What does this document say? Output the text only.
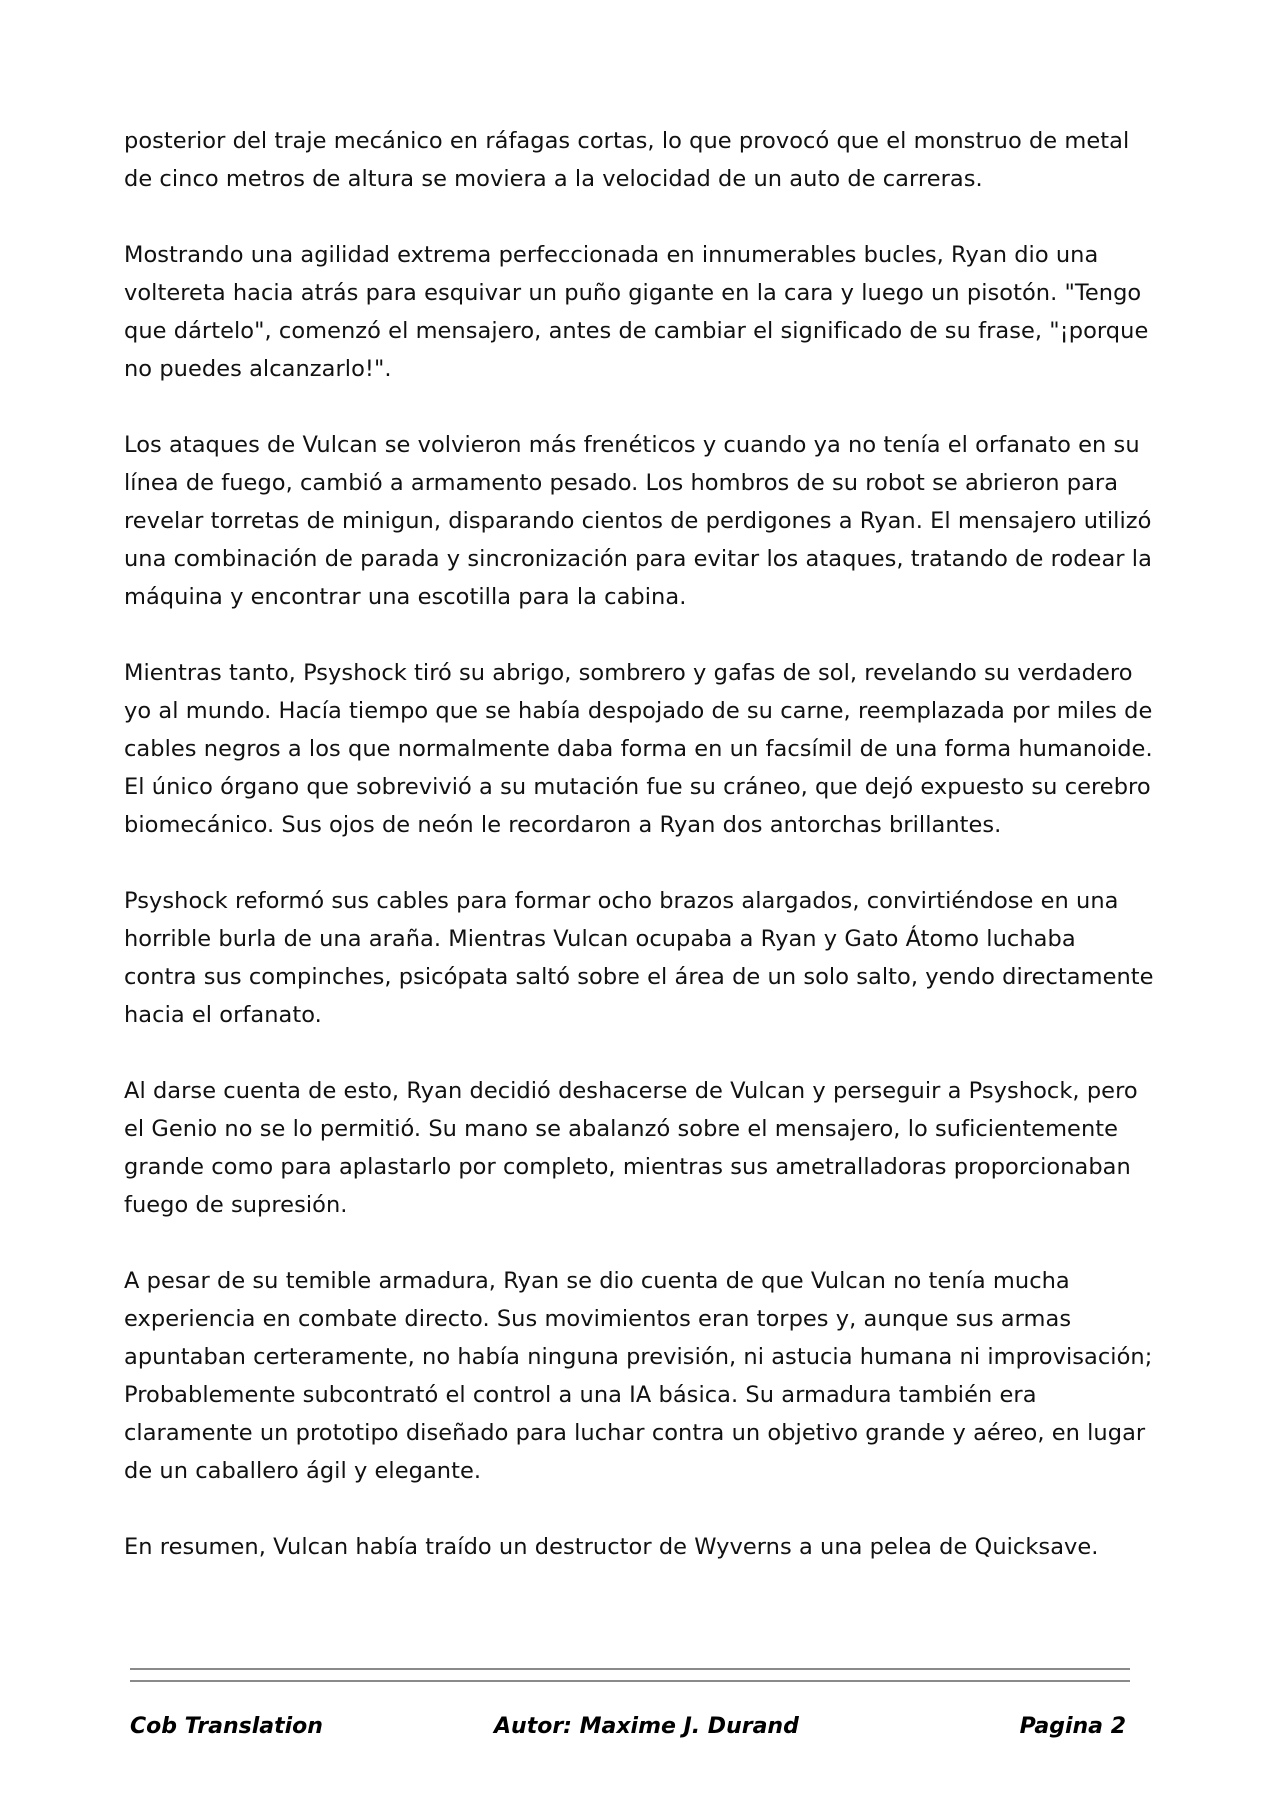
posterior del traje mecánico en ráfagas cortas, lo que provocó que el monstruo de metal de cinco metros de altura se moviera a la velocidad de un auto de carreras.

Mostrando una agilidad extrema perfeccionada en innumerables bucles, Ryan dio una voltereta hacia atrás para esquivar un puño gigante en la cara y luego un pisotón. "Tengo que dártelo", comenzó el mensajero, antes de cambiar el significado de su frase, "¡porque no puedes alcanzarlo!".

Los ataques de Vulcan se volvieron más frenéticos y cuando ya no tenía el orfanato en su línea de fuego, cambió a armamento pesado. Los hombros de su robot se abrieron para revelar torretas de minigun, disparando cientos de perdigones a Ryan. El mensajero utilizó una combinación de parada y sincronización para evitar los ataques, tratando de rodear la máquina y encontrar una escotilla para la cabina.

Mientras tanto, Psyshock tiró su abrigo, sombrero y gafas de sol, revelando su verdadero yo al mundo. Hacía tiempo que se había despojado de su carne, reemplazada por miles de cables negros a los que normalmente daba forma en un facsímil de una forma humanoide. El único órgano que sobrevivió a su mutación fue su cráneo, que dejó expuesto su cerebro biomecánico. Sus ojos de neón le recordaron a Ryan dos antorchas brillantes.

Psyshock reformó sus cables para formar ocho brazos alargados, convirtiéndose en una horrible burla de una araña. Mientras Vulcan ocupaba a Ryan y Gato Átomo luchaba contra sus compinches, psicópata saltó sobre el área de un solo salto, yendo directamente hacia el orfanato.

Al darse cuenta de esto, Ryan decidió deshacerse de Vulcan y perseguir a Psyshock, pero el Genio no se lo permitió. Su mano se abalanzó sobre el mensajero, lo suficientemente grande como para aplastarlo por completo, mientras sus ametralladoras proporcionaban fuego de supresión.

A pesar de su temible armadura, Ryan se dio cuenta de que Vulcan no tenía mucha experiencia en combate directo. Sus movimientos eran torpes y, aunque sus armas apuntaban certeramente, no había ninguna previsión, ni astucia humana ni improvisación; Probablemente subcontrató el control a una IA básica. Su armadura también era claramente un prototipo diseñado para luchar contra un objetivo grande y aéreo, en lugar de un caballero ágil y elegante.

En resumen, Vulcan había traído un destructor de Wyverns a una pelea de Quicksave.

Cob Translation	Autor: Maxime J. Durand	Pagina 2
